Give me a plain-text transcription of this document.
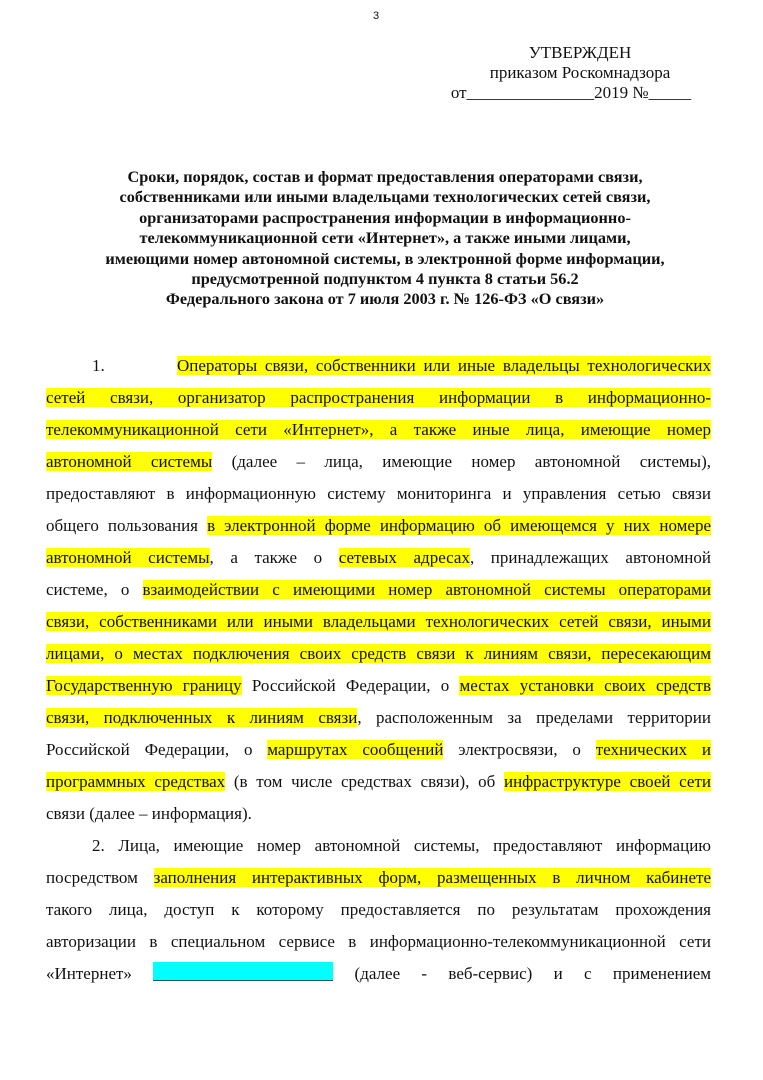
3
УТВЕРЖДЕН
приказом Роскомнадзора
от_______________2019 №_____
Сроки, порядок, состав и формат предоставления операторами связи,
собственниками или иными владельцами технологических сетей связи,
организаторами распространения информации в информационно-
телекоммуникационной сети «Интернет», а также иными лицами,
имеющими номер автономной системы, в электронной форме информации,
предусмотренной подпунктом 4 пункта 8 статьи 56.2
Федерального закона от 7 июля 2003 г. № 126-ФЗ «О связи»
1.	Операторы связи, собственники или иные владельцы технологических
сетей связи, организатор распространения информации в информационно-
телекоммуникационной сети «Интернет», а также иные лица, имеющие номер
автономной системы (далее – лица, имеющие номер автономной системы),
предоставляют в информационную систему мониторинга и управления сетью связи
общего пользования в электронной форме информацию об имеющемся у них номере
автономной системы, а также о сетевых адресах, принадлежащих автономной
системе, о взаимодействии с имеющими номер автономной системы операторами
связи, собственниками или иными владельцами технологических сетей связи, иными
лицами, о местах подключения своих средств связи к линиям связи, пересекающим
Государственную границу Российской Федерации, о местах установки своих средств
связи, подключенных к линиям связи, расположенным за пределами территории
Российской Федерации, о маршрутах сообщений электросвязи, о технических и
программных средствах (в том числе средствах связи), об инфраструктуре своей сети
связи (далее – информация).
2. Лица, имеющие номер автономной системы, предоставляют информацию
посредством заполнения интерактивных форм, размещенных в личном кабинете
такого лица, доступ к которому предоставляется по результатам прохождения
авторизации в специальном сервисе в информационно-телекоммуникационной сети
«Интернет»	(далее - веб-сервис) и с применением
